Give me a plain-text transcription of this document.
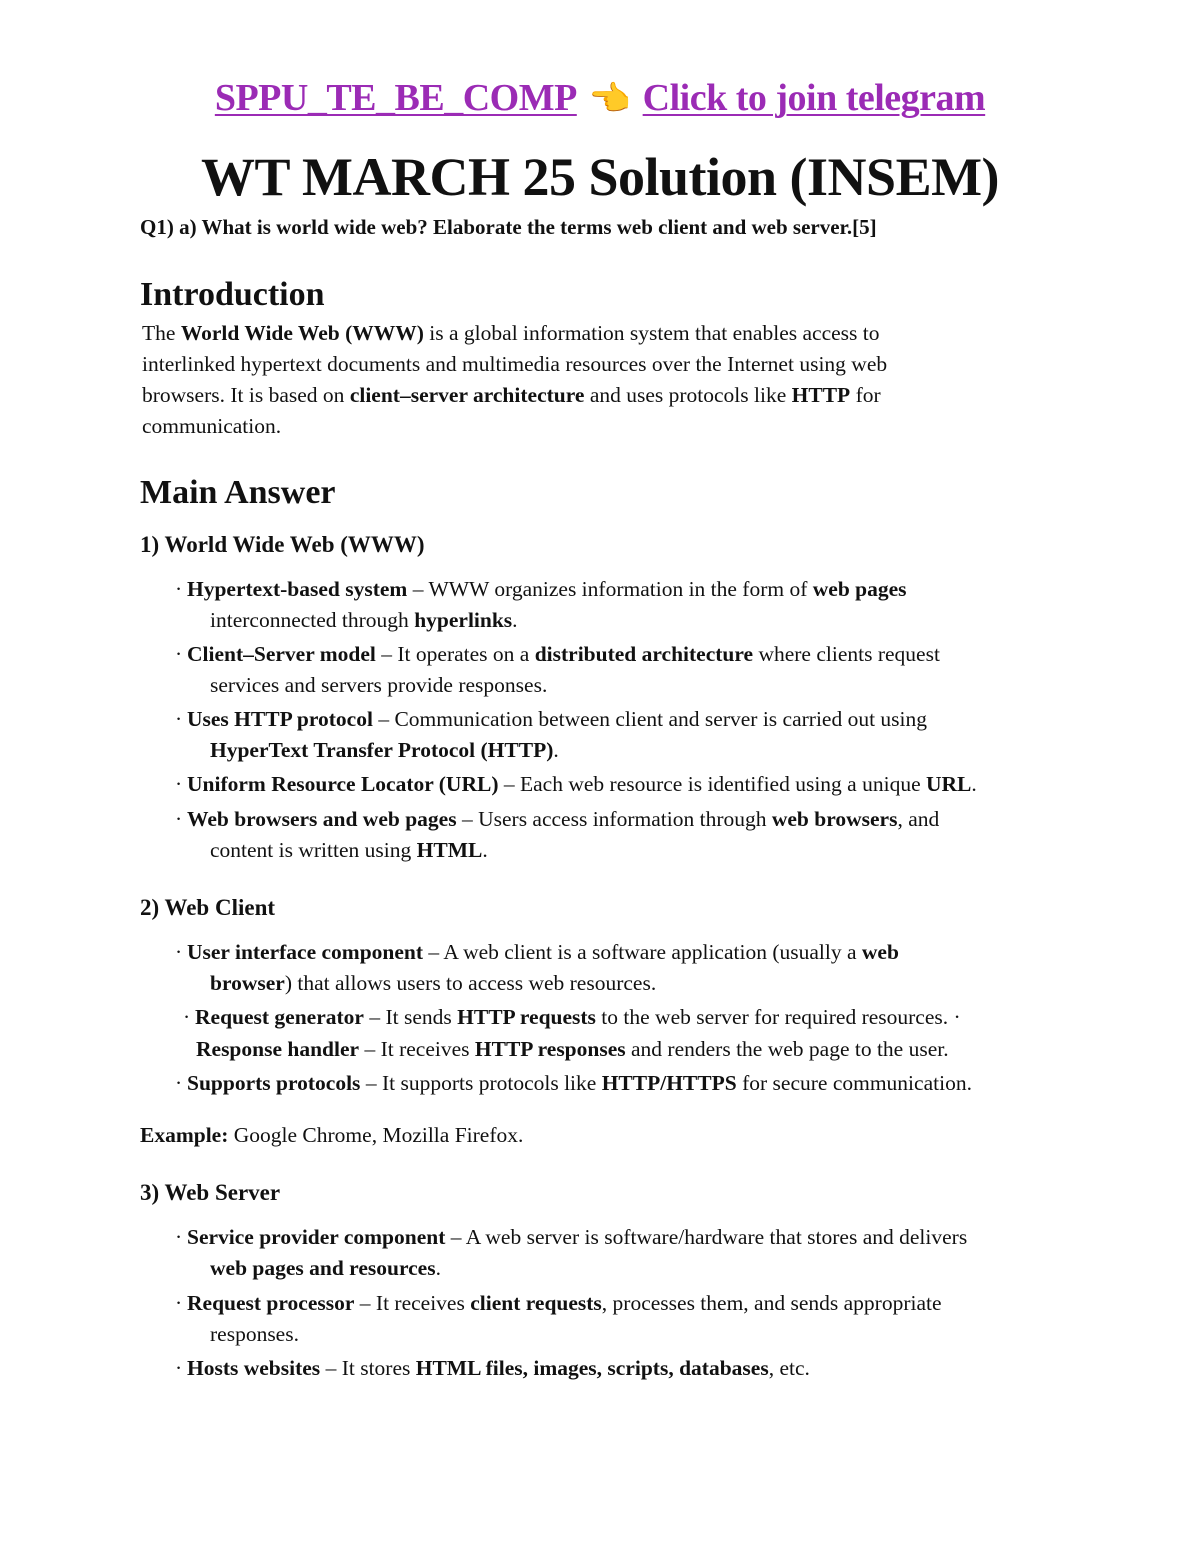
SPPU_TE_BE_COMP 👈 Click to join telegram
WT MARCH 25 Solution (INSEM)

Q1) a) What is world wide web? Elaborate the terms web client and web server.[5]

Introduction

The World Wide Web (WWW) is a global information system that enables access to
interlinked hypertext documents and multimedia resources over the Internet using web
browsers. It is based on client–server architecture and uses protocols like HTTP for
communication.

Main Answer
1) World Wide Web (WWW)

· Hypertext-based system – WWW organizes information in the form of web pages
interconnected through hyperlinks.

· Client–Server model – It operates on a distributed architecture where clients request
services and servers provide responses.

· Uses HTTP protocol – Communication between client and server is carried out using
HyperText Transfer Protocol (HTTP).

· Uniform Resource Locator (URL) – Each web resource is identified using a unique URL.

· Web browsers and web pages – Users access information through web browsers, and
content is written using HTML.

2) Web Client

· User interface component – A web client is a software application (usually a web
browser) that allows users to access web resources.

· Request generator – It sends HTTP requests to the web server for required resources. ·

Response handler – It receives HTTP responses and renders the web page to the user.

· Supports protocols – It supports protocols like HTTP/HTTPS for secure communication.

Example: Google Chrome, Mozilla Firefox.

3) Web Server

· Service provider component – A web server is software/hardware that stores and delivers
web pages and resources.

· Request processor – It receives client requests, processes them, and sends appropriate
responses.

· Hosts websites – It stores HTML files, images, scripts, databases, etc.
